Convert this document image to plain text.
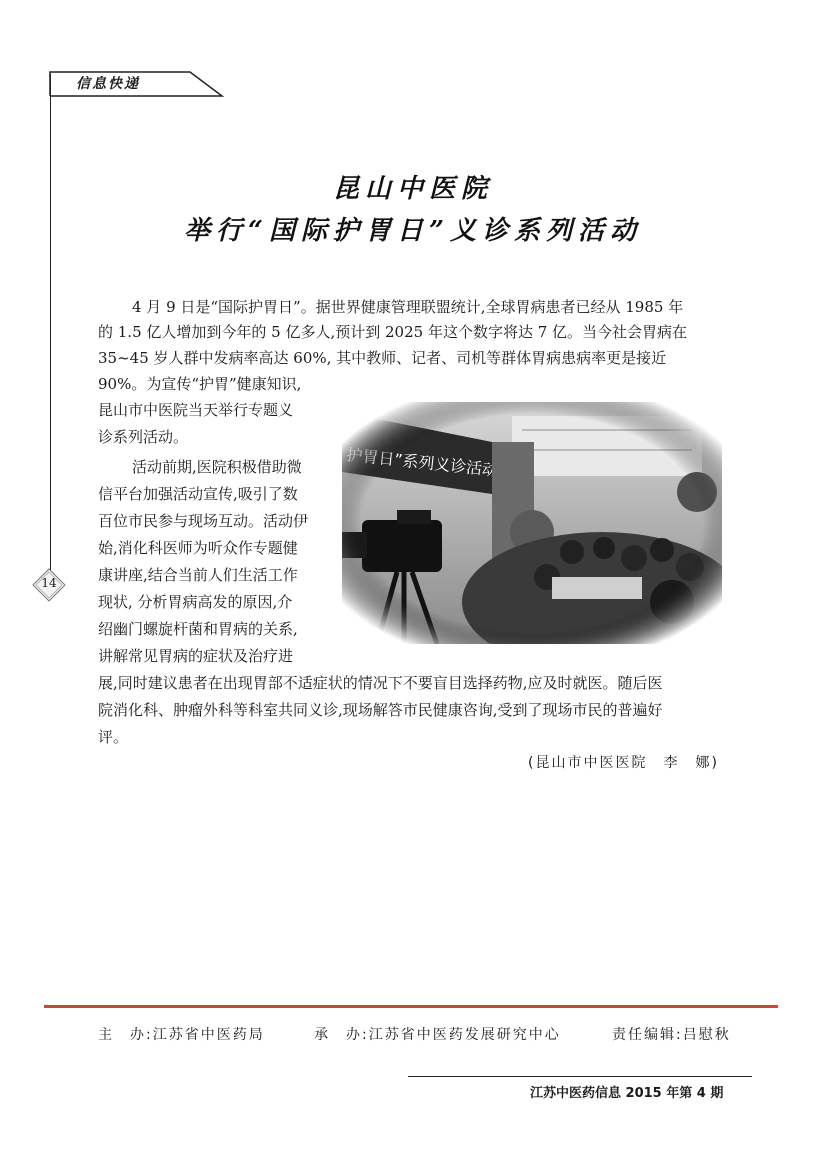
信息快递
14
昆山中医院
举行“国际护胃日”义诊系列活动
4 月 9 日是“国际护胃日”。据世界健康管理联盟统计,全球胃病患者已经从 1985 年
的 1.5 亿人增加到今年的 5 亿多人,预计到 2025 年这个数字将达 7 亿。当今社会胃病在
35~45 岁人群中发病率高达 60%, 其中教师、记者、司机等群体胃病患病率更是接近
90%。为宣传“护胃”健康知识,
昆山市中医院当天举行专题义
诊系列活动。
活动前期,医院积极借助微
信平台加强活动宣传,吸引了数
百位市民参与现场互动。活动伊
始,消化科医师为听众作专题健
康讲座,结合当前人们生活工作
现状, 分析胃病高发的原因,介
绍幽门螺旋杆菌和胃病的关系,
讲解常见胃病的症状及治疗进
展,同时建议患者在出现胃部不适症状的情况下不要盲目选择药物,应及时就医。随后医
院消化科、肿瘤外科等科室共同义诊,现场解答市民健康咨询,受到了现场市民的普遍好
评。
(昆山市中医医院　李　娜)
主　办:江苏省中医药局	承　办:江苏省中医药发展研究中心	责任编辑:吕慰秋
江苏中医药信息 2015 年第 4 期
